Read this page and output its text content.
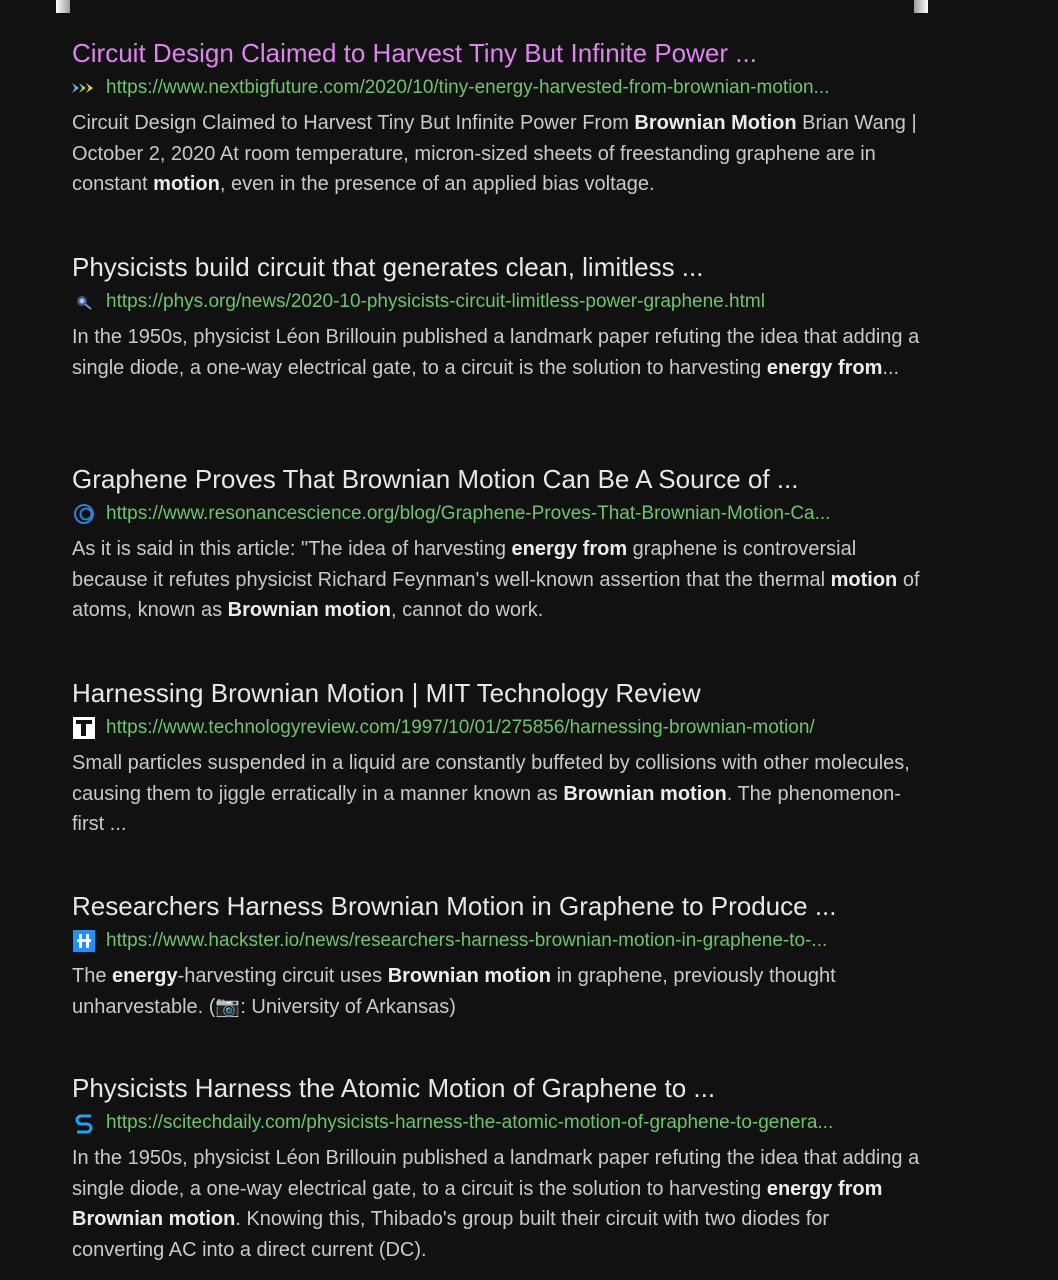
Circuit Design Claimed to Harvest Tiny But Infinite Power ...
https://www.nextbigfuture.com/2020/10/tiny-energy-harvested-from-brownian-motion...
Circuit Design Claimed to Harvest Tiny But Infinite Power From Brownian Motion Brian Wang | October 2, 2020 At room temperature, micron-sized sheets of freestanding graphene are in constant motion, even in the presence of an applied bias voltage.
Physicists build circuit that generates clean, limitless ...
https://phys.org/news/2020-10-physicists-circuit-limitless-power-graphene.html
In the 1950s, physicist Léon Brillouin published a landmark paper refuting the idea that adding a single diode, a one-way electrical gate, to a circuit is the solution to harvesting energy from...
Graphene Proves That Brownian Motion Can Be A Source of ...
https://www.resonancescience.org/blog/Graphene-Proves-That-Brownian-Motion-Ca...
As it is said in this article: "The idea of harvesting energy from graphene is controversial because it refutes physicist Richard Feynman's well-known assertion that the thermal motion of atoms, known as Brownian motion, cannot do work.
Harnessing Brownian Motion | MIT Technology Review
https://www.technologyreview.com/1997/10/01/275856/harnessing-brownian-motion/
Small particles suspended in a liquid are constantly buffeted by collisions with other molecules, causing them to jiggle erratically in a manner known as Brownian motion. The phenomenon-first ...
Researchers Harness Brownian Motion in Graphene to Produce ...
https://www.hackster.io/news/researchers-harness-brownian-motion-in-graphene-to-...
The energy-harvesting circuit uses Brownian motion in graphene, previously thought unharvestable. (📷: University of Arkansas)
Physicists Harness the Atomic Motion of Graphene to ...
https://scitechdaily.com/physicists-harness-the-atomic-motion-of-graphene-to-genera...
In the 1950s, physicist Léon Brillouin published a landmark paper refuting the idea that adding a single diode, a one-way electrical gate, to a circuit is the solution to harvesting energy from Brownian motion. Knowing this, Thibado's group built their circuit with two diodes for converting AC into a direct current (DC).
